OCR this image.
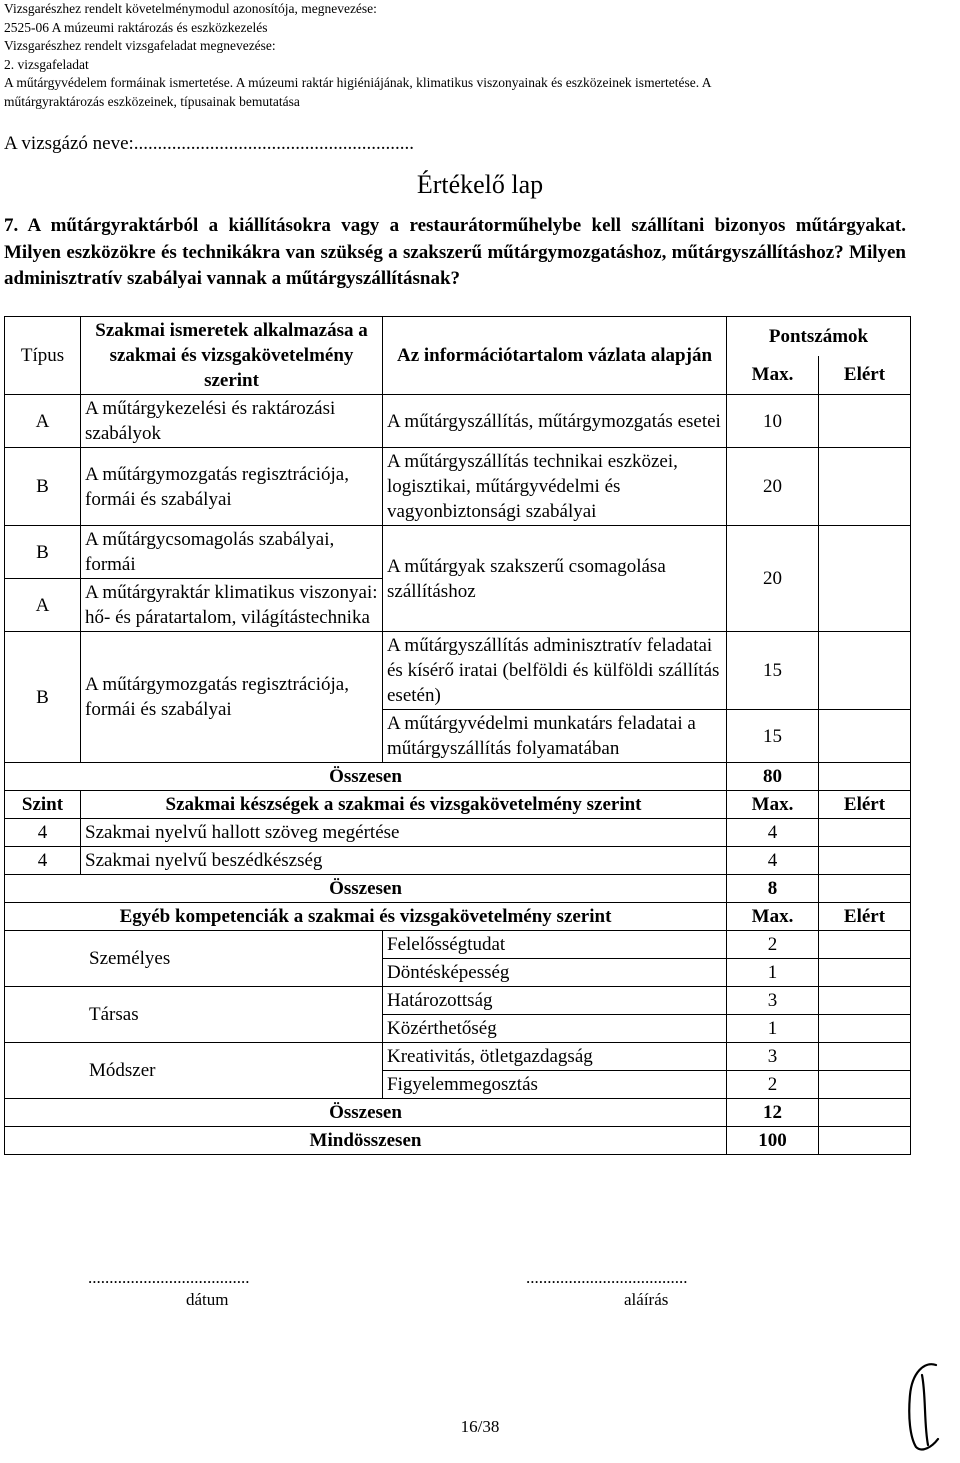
Vizsgarészhez rendelt követelménymodul azonosítója, megnevezése:
2525-06 A múzeumi raktározás és eszközkezelés
Vizsgarészhez rendelt vizsgafeladat megnevezése:
2. vizsgafeladat
A műtárgyvédelem formáinak ismertetése. A múzeumi raktár higiéniájának, klimatikus viszonyainak és eszközeinek ismertetése. A
műtárgyraktározás eszközeinek, típusainak bemutatása
A vizsgázó neve:...........................................................
Értékelő lap
7. A műtárgyraktárból a kiállításokra vagy a restaurátorműhelybe kell szállítani bizonyos műtárgyakat. Milyen eszközökre és technikákra van szükség a szakszerű műtárgymozgatáshoz, műtárgyszállításhoz? Milyen adminisztratív szabályai vannak a műtárgyszállításnak?
Típus	Szakmai ismeretek alkalmazása a szakmai és vizsgakövetelmény szerint	Az információtartalom vázlata alapján	Pontszámok	
			Max.	Elért
A	A műtárgykezelési és raktározási szabályok	A műtárgyszállítás, műtárgymozgatás esetei	10	
B	A műtárgymozgatás regisztrációja, formái és szabályai	A műtárgyszállítás technikai eszközei, logisztikai, műtárgyvédelmi és vagyonbiztonsági szabályai	20	
B	A műtárgycsomagolás szabályai, formái	A műtárgyak szakszerű csomagolása szállításhoz	20	
A	A műtárgyraktár klimatikus viszonyai: hő- és páratartalom, világítástechnika			
B	A műtárgymozgatás regisztrációja, formái és szabályai	A műtárgyszállítás adminisztratív feladatai és kísérő iratai (belföldi és külföldi szállítás esetén)	15	
		A műtárgyvédelmi munkatárs feladatai a műtárgyszállítás folyamatában	15	
Összesen			80	
Szint	Szakmai készségek a szakmai és vizsgakövetelmény szerint		Max.	Elért
4	Szakmai nyelvű hallott szöveg megértése		4	
4	Szakmai nyelvű beszédkészség		4	
Összesen			8	
Egyéb kompetenciák a szakmai és vizsgakövetelmény szerint			Max.	Elért
Személyes		Felelősségtudat	2	
		Döntésképesség	1	
Társas		Határozottság	3	
		Közérthetőség	1	
Módszer		Kreativitás, ötletgazdagság	3	
		Figyelemmegosztás	2	
Összesen			12	
Mindösszesen			100	
......................................
dátum
......................................
aláírás
16/38
